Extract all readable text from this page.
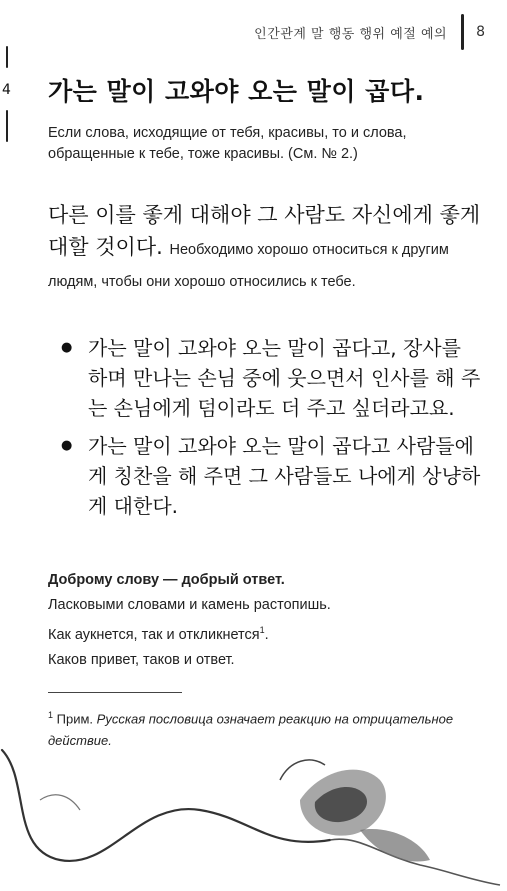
인간관계 말 행동 행위 예절 예의 8
4 가는 말이 고와야 오는 말이 곱다.

Если слова, исходящие от тебя, красивы, то и слова, обращенные к тебе, тоже красивы. (См. № 2.)

다른 이를 좋게 대해야 그 사람도 자신에게 좋게 대할 것이다. Необходимо хорошо относиться к другим людям, чтобы они хорошо относились к тебе.

● 가는 말이 고와야 오는 말이 곱다고, 장사를 하며 만나는 손님 중에 웃으면서 인사를 해 주는 손님에게 덤이라도 더 주고 싶더라고요.
● 가는 말이 고와야 오는 말이 곱다고 사람들에게 칭찬을 해 주면 그 사람들도 나에게 상냥하게 대한다.
Доброму слову — добрый ответ.
Ласковыми словами и камень растопишь.
Как аукнется, так и откликнется$^1$.
Каков привет, таков и ответ.

$^1$ Прим. Русская пословица означает реакцию на отрицательное действие.
